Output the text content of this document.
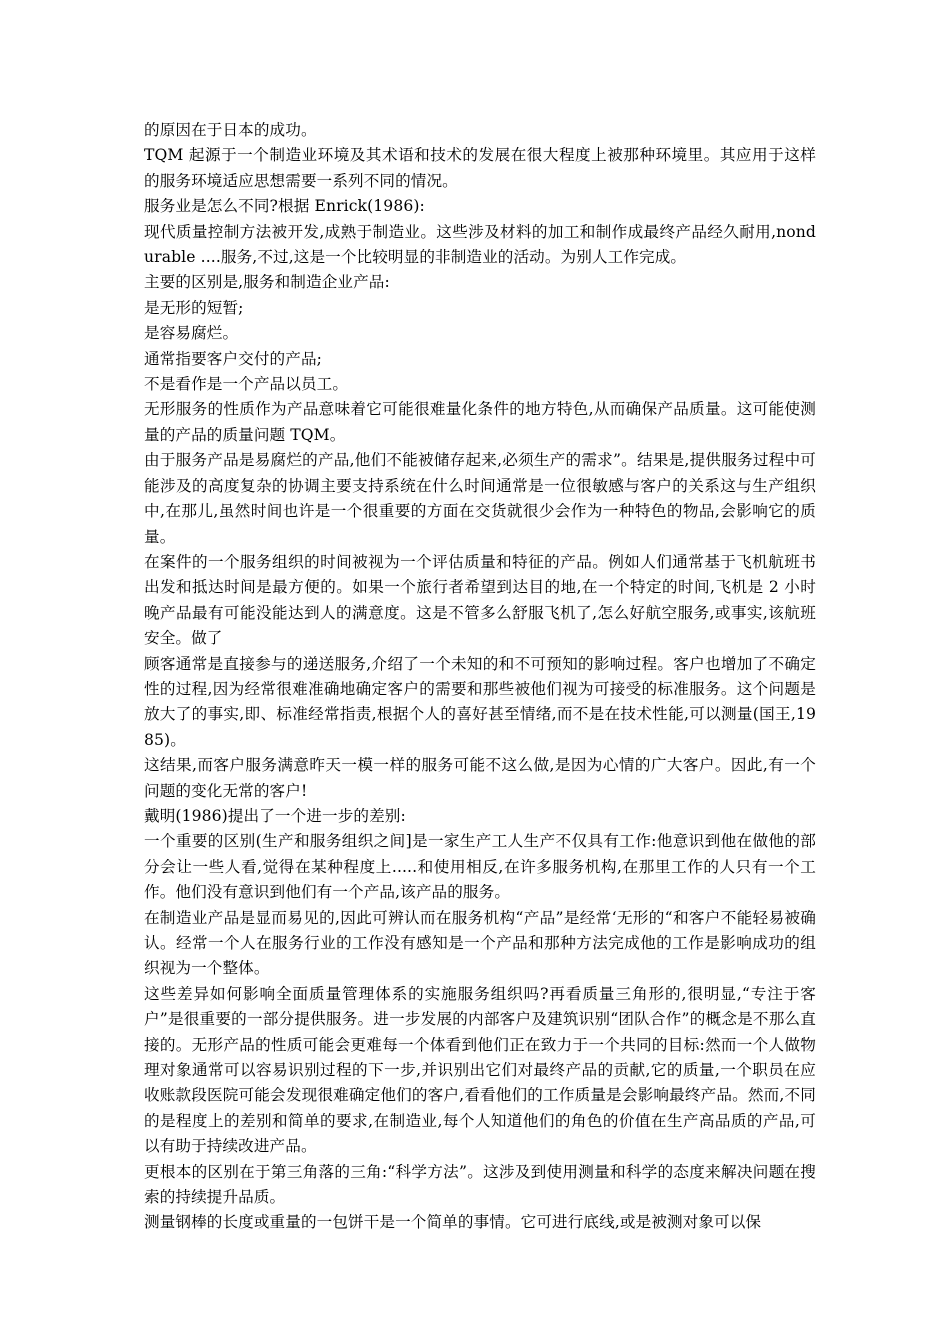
的原因在于日本的成功。

TQM 起源于一个制造业环境及其术语和技术的发展在很大程度上被那种环境里。其应用于这样的服务环境适应思想需要一系列不同的情况。

服务业是怎么不同?根据 Enrick(1986):

现代质量控制方法被开发,成熟于制造业。这些涉及材料的加工和制作成最终产品经久耐用,nondurable ....服务,不过,这是一个比较明显的非制造业的活动。为别人工作完成。

主要的区别是,服务和制造企业产品:

是无形的短暂;

是容易腐烂。

通常指要客户交付的产品;

不是看作是一个产品以员工。

无形服务的性质作为产品意味着它可能很难量化条件的地方特色,从而确保产品质量。这可能使测量的产品的质量问题 TQM。

由于服务产品是易腐烂的产品,他们不能被储存起来,必须生产的需求”。结果是,提供服务过程中可能涉及的高度复杂的协调主要支持系统在什么时间通常是一位很敏感与客户的关系这与生产组织中,在那儿,虽然时间也许是一个很重要的方面在交货就很少会作为一种特色的物品,会影响它的质量。

在案件的一个服务组织的时间被视为一个评估质量和特征的产品。例如人们通常基于飞机航班书出发和抵达时间是最方便的。如果一个旅行者希望到达目的地,在一个特定的时间,飞机是 2 小时晚产品最有可能没能达到人的满意度。这是不管多么舒服飞机了,怎么好航空服务,或事实,该航班安全。做了

顾客通常是直接参与的递送服务,介绍了一个未知的和不可预知的影响过程。客户也增加了不确定性的过程,因为经常很难准确地确定客户的需要和那些被他们视为可接受的标准服务。这个问题是放大了的事实,即、标准经常指责,根据个人的喜好甚至情绪,而不是在技术性能,可以测量(国王,1985)。

这结果,而客户服务满意昨天一模一样的服务可能不这么做,是因为心情的广大客户。因此,有一个问题的变化无常的客户!

戴明(1986)提出了一个进一步的差别:

一个重要的区别(生产和服务组织之间]是一家生产工人生产不仅具有工作:他意识到他在做他的部分会让一些人看,觉得在某种程度上.....和使用相反,在许多服务机构,在那里工作的人只有一个工作。他们没有意识到他们有一个产品,该产品的服务。

在制造业产品是显而易见的,因此可辨认而在服务机构“产品”是经常‘无形的“和客户不能轻易被确认。经常一个人在服务行业的工作没有感知是一个产品和那种方法完成他的工作是影响成功的组织视为一个整体。

这些差异如何影响全面质量管理体系的实施服务组织吗?再看质量三角形的,很明显,“专注于客户”是很重要的一部分提供服务。进一步发展的内部客户及建筑识别“团队合作”的概念是不那么直接的。无形产品的性质可能会更难每一个体看到他们正在致力于一个共同的目标:然而一个人做物理对象通常可以容易识别过程的下一步,并识别出它们对最终产品的贡献,它的质量,一个职员在应收账款段医院可能会发现很难确定他们的客户,看看他们的工作质量是会影响最终产品。然而,不同的是程度上的差别和简单的要求,在制造业,每个人知道他们的角色的价值在生产高品质的产品,可以有助于持续改进产品。

更根本的区别在于第三角落的三角:“科学方法”。这涉及到使用测量和科学的态度来解决问题在搜索的持续提升品质。

测量钢棒的长度或重量的一包饼干是一个简单的事情。它可进行底线,或是被测对象可以保
